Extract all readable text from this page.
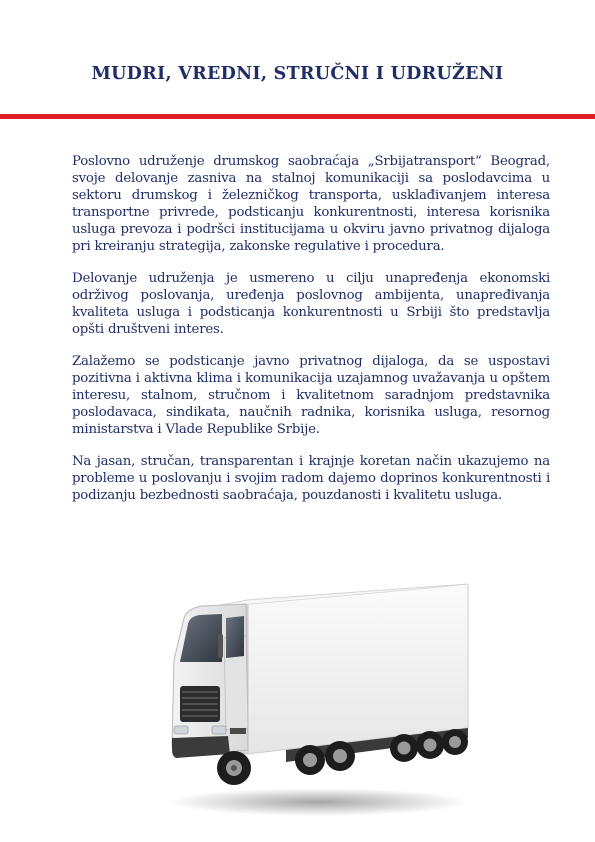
MUDRI, VREDNI, STRUČNI I UDRUŽENI

Poslovno udruženje drumskog saobraćaja „Srbijatransport“ Beograd, svoje delovanje zasniva na stalnoj komunikaciji sa poslodavcima u sektoru drumskog i železničkog transporta, usklađivanjem interesa transportne privrede, podsticanju konkurentnosti, interesa korisnika usluga prevoza i podršci institucijama u okviru javno privatnog dijaloga pri kreiranju strategija, zakonske regulative i procedura.

Delovanje udruženja je usmereno u cilju unapređenja ekonomski održivog poslovanja, uređenja poslovnog ambijenta, unapređivanja kvaliteta usluga i podsticanja konkurentnosti u Srbiji što predstavlja opšti društveni interes.

Zalažemo se podsticanje javno privatnog dijaloga, da se uspostavi pozitivna i aktivna klima i komunikacija uzajamnog uvažavanja u opštem interesu, stalnom, stručnom i kvalitetnom saradnjom predstavnika poslodavaca, sindikata, naučnih radnika, korisnika usluga, resornog ministarstva i Vlade Republike Srbije.

Na jasan, stručan, transparentan i krajnje koretan način ukazujemo na probleme u poslovanju i svojim radom dajemo doprinos konkurentnosti i podizanju bezbednosti saobraćaja, pouzdanosti i kvalitetu usluga.
